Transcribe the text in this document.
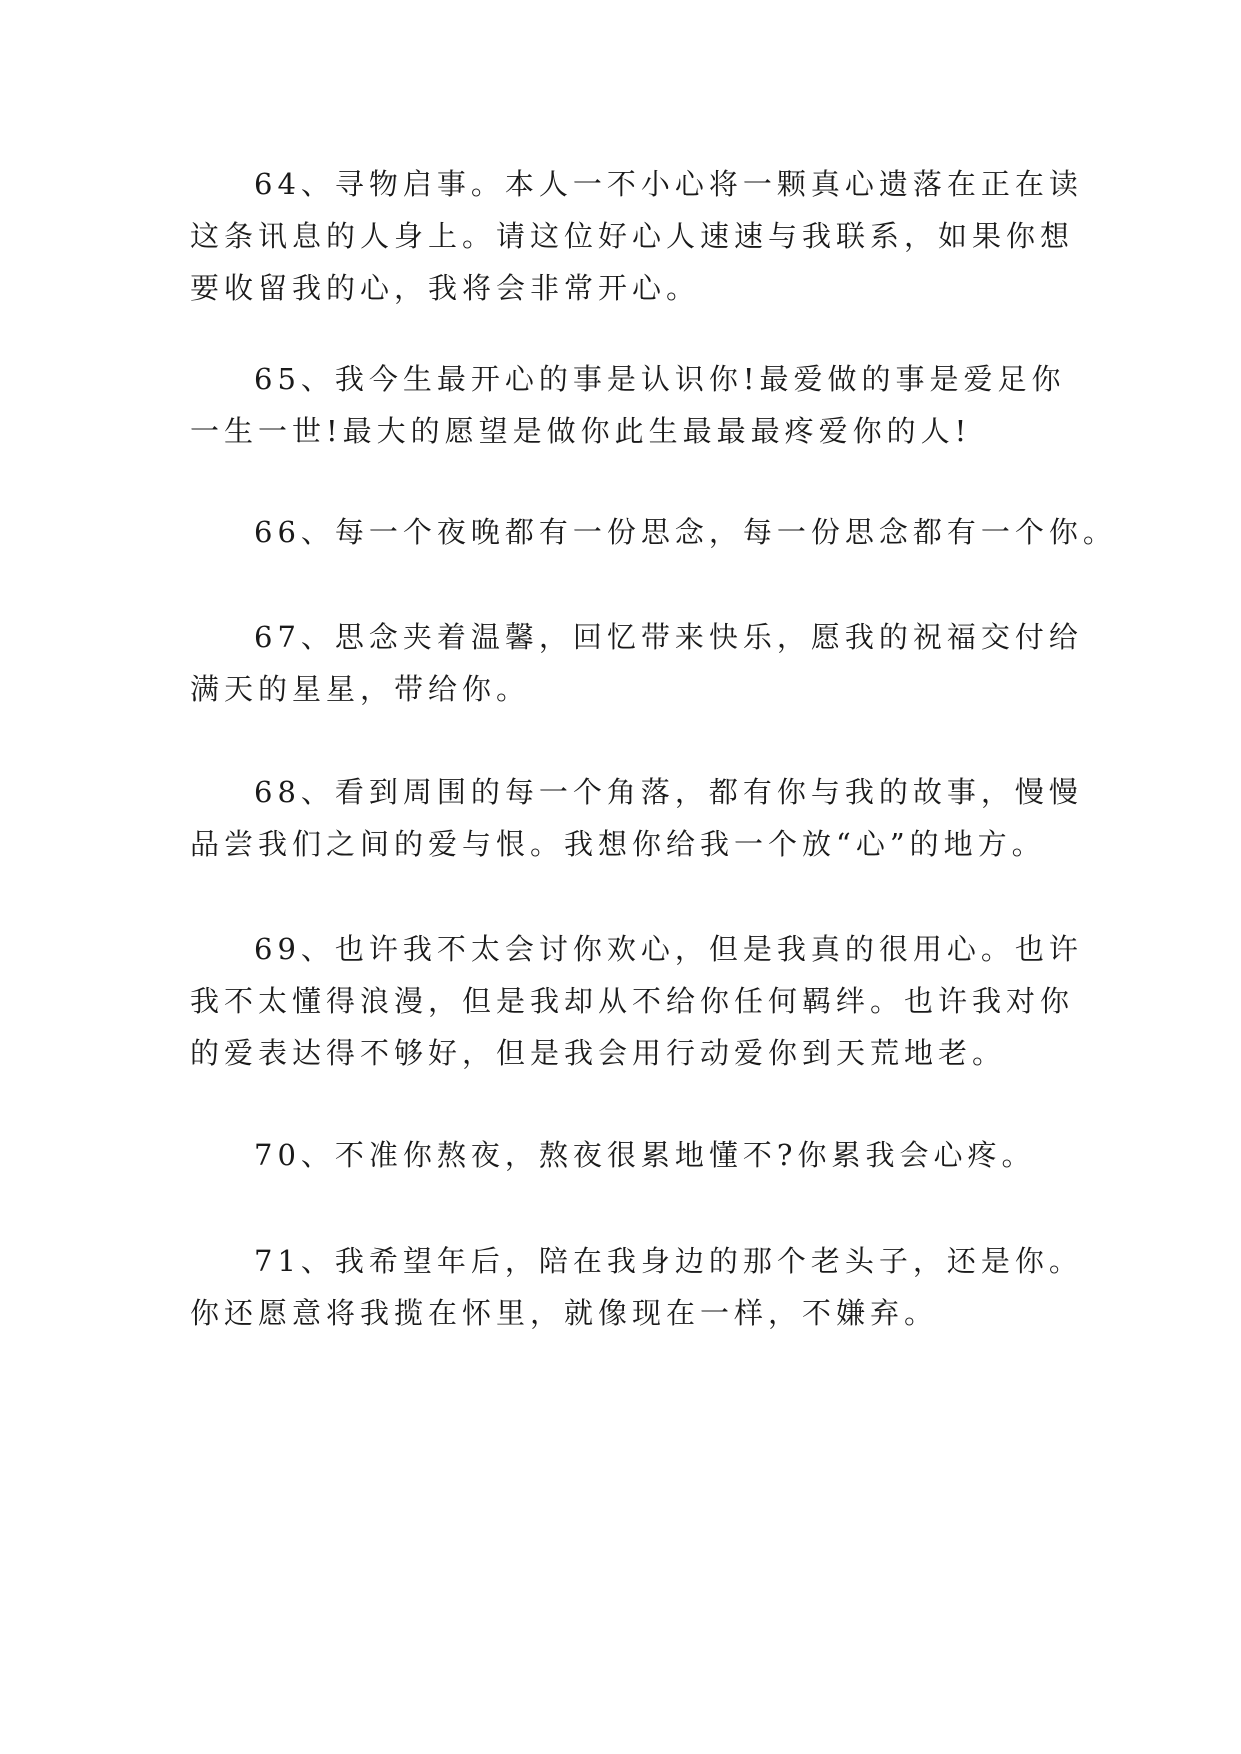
64、寻物启事。本人一不小心将一颗真心遗落在正在读
这条讯息的人身上。请这位好心人速速与我联系，如果你想
要收留我的心，我将会非常开心。
65、我今生最开心的事是认识你!最爱做的事是爱足你
一生一世!最大的愿望是做你此生最最最疼爱你的人!
66、每一个夜晚都有一份思念，每一份思念都有一个你。
67、思念夹着温馨，回忆带来快乐，愿我的祝福交付给
满天的星星，带给你。
68、看到周围的每一个角落，都有你与我的故事，慢慢
品尝我们之间的爱与恨。我想你给我一个放“心”的地方。
69、也许我不太会讨你欢心，但是我真的很用心。也许
我不太懂得浪漫，但是我却从不给你任何羁绊。也许我对你
的爱表达得不够好，但是我会用行动爱你到天荒地老。
70、不准你熬夜，熬夜很累地懂不?你累我会心疼。
71、我希望年后，陪在我身边的那个老头子，还是你。
你还愿意将我揽在怀里，就像现在一样，不嫌弃。
